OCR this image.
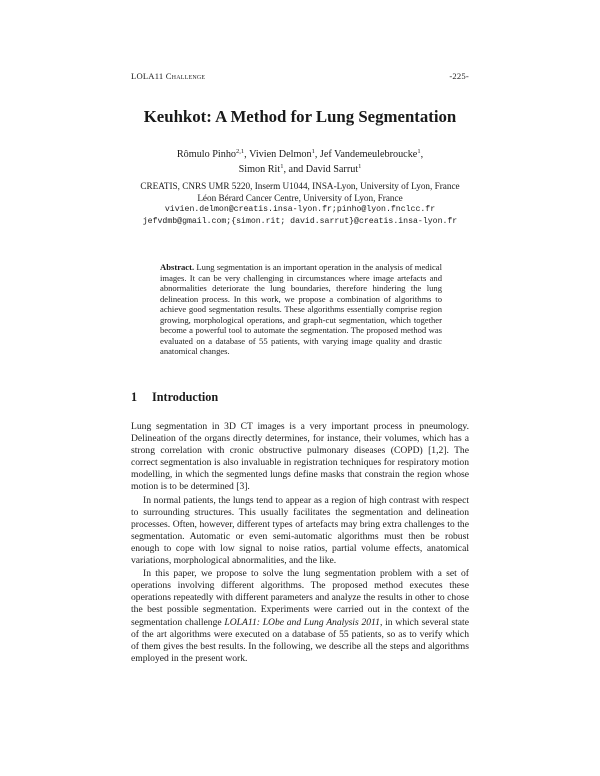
LOLA11 Challenge	-225-
Keuhkot: A Method for Lung Segmentation
Rômulo Pinho$^{2,1}$, Vivien Delmon$^1$, Jef Vandemeulebroucke$^1$,
Simon Rit$^1$, and David Sarrut$^1$
CREATIS, CNRS UMR 5220, Inserm U1044, INSA-Lyon, University of Lyon, France
Léon Bérard Cancer Centre, University of Lyon, France
vivien.delmon@creatis.insa-lyon.fr;pinho@lyon.fnclcc.fr
jefvdmb@gmail.com;{simon.rit; david.sarrut}@creatis.insa-lyon.fr
Abstract. Lung segmentation is an important operation in the analysis of medical images. It can be very challenging in circumstances where image artefacts and abnormalities deteriorate the lung boundaries, therefore hindering the lung delineation process. In this work, we propose a combination of algorithms to achieve good segmentation results. These algorithms essentially comprise region growing, morphological operations, and graph-cut segmentation, which together become a powerful tool to automate the segmentation. The proposed method was evaluated on a database of 55 patients, with varying image quality and drastic anatomical changes.
1 Introduction

Lung segmentation in 3D CT images is a very important process in pneumology. Delineation of the organs directly determines, for instance, their volumes, which has a strong correlation with cronic obstructive pulmonary diseases (COPD) [1,2]. The correct segmentation is also invaluable in registration techniques for respiratory motion modelling, in which the segmented lungs define masks that constrain the region whose motion is to be determined [3].

In normal patients, the lungs tend to appear as a region of high contrast with respect to surrounding structures. This usually facilitates the segmentation and delineation processes. Often, however, different types of artefacts may bring extra challenges to the segmentation. Automatic or even semi-automatic algorithms must then be robust enough to cope with low signal to noise ratios, partial volume effects, anatomical variations, morphological abnormalities, and the like.

In this paper, we propose to solve the lung segmentation problem with a set of operations involving different algorithms. The proposed method executes these operations repeatedly with different parameters and analyze the results in other to chose the best possible segmentation. Experiments were carried out in the context of the segmentation challenge LOLA11: LObe and Lung Analysis 2011, in which several state of the art algorithms were executed on a database of 55 patients, so as to verify which of them gives the best results. In the following, we describe all the steps and algorithms employed in the present work.
